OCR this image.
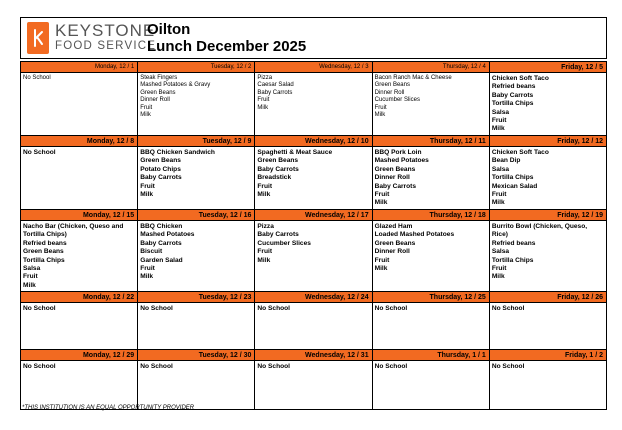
KEYSTONE
FOOD SERVICE
Oilton
Lunch December 2025
Monday, 12 / 1
No School
Tuesday, 12 / 2
Steak Fingers
Mashed Potatoes & Gravy
Green Beans
Dinner Roll
Fruit
Milk
Wednesday, 12 / 3
Pizza
Caesar Salad
Baby Carrots
Fruit
Milk
Thursday, 12 / 4
Bacon Ranch Mac & Cheese
Green Beans
Dinner Roll
Cucumber Slices
Fruit
Milk
Friday, 12 / 5
Chicken Soft Taco
Refried beans
Baby Carrots
Tortilla Chips
Salsa
Fruit
Milk
Monday, 12 / 8
No School
Tuesday, 12 / 9
BBQ Chicken Sandwich
Green Beans
Potato Chips
Baby Carrots
Fruit
Milk
Wednesday, 12 / 10
Spaghetti & Meat Sauce
Green Beans
Baby Carrots
Breadstick
Fruit
Milk
Thursday, 12 / 11
BBQ Pork Loin
Mashed Potatoes
Green Beans
Dinner Roll
Baby Carrots
Fruit
Milk
Friday, 12 / 12
Chicken Soft Taco
Bean Dip
Salsa
Tortilla Chips
Mexican Salad
Fruit
Milk
Monday, 12 / 15
Nacho Bar (Chicken, Queso and Tortilla Chips)
Refried beans
Green Beans
Tortilla Chips
Salsa
Fruit
Milk
Tuesday, 12 / 16
BBQ Chicken
Mashed Potatoes
Baby Carrots
Biscuit
Garden Salad
Fruit
Milk
Wednesday, 12 / 17
Pizza
Baby Carrots
Cucumber Slices
Fruit
Milk
Thursday, 12 / 18
Glazed Ham
Loaded Mashed Potatoes
Green Beans
Dinner Roll
Fruit
Milk
Friday, 12 / 19
Burrito Bowl (Chicken, Queso, Rice)
Refried beans
Salsa
Tortilla Chips
Fruit
Milk
Monday, 12 / 22
No School
Tuesday, 12 / 23
No School
Wednesday, 12 / 24
No School
Thursday, 12 / 25
No School
Friday, 12 / 26
No School
Monday, 12 / 29
No School
Tuesday, 12 / 30
No School
Wednesday, 12 / 31
No School
Thursday, 1 / 1
No School
Friday, 1 / 2
No School
*THIS INSTITUTION IS AN EQUAL OPPORTUNITY PROVIDER
